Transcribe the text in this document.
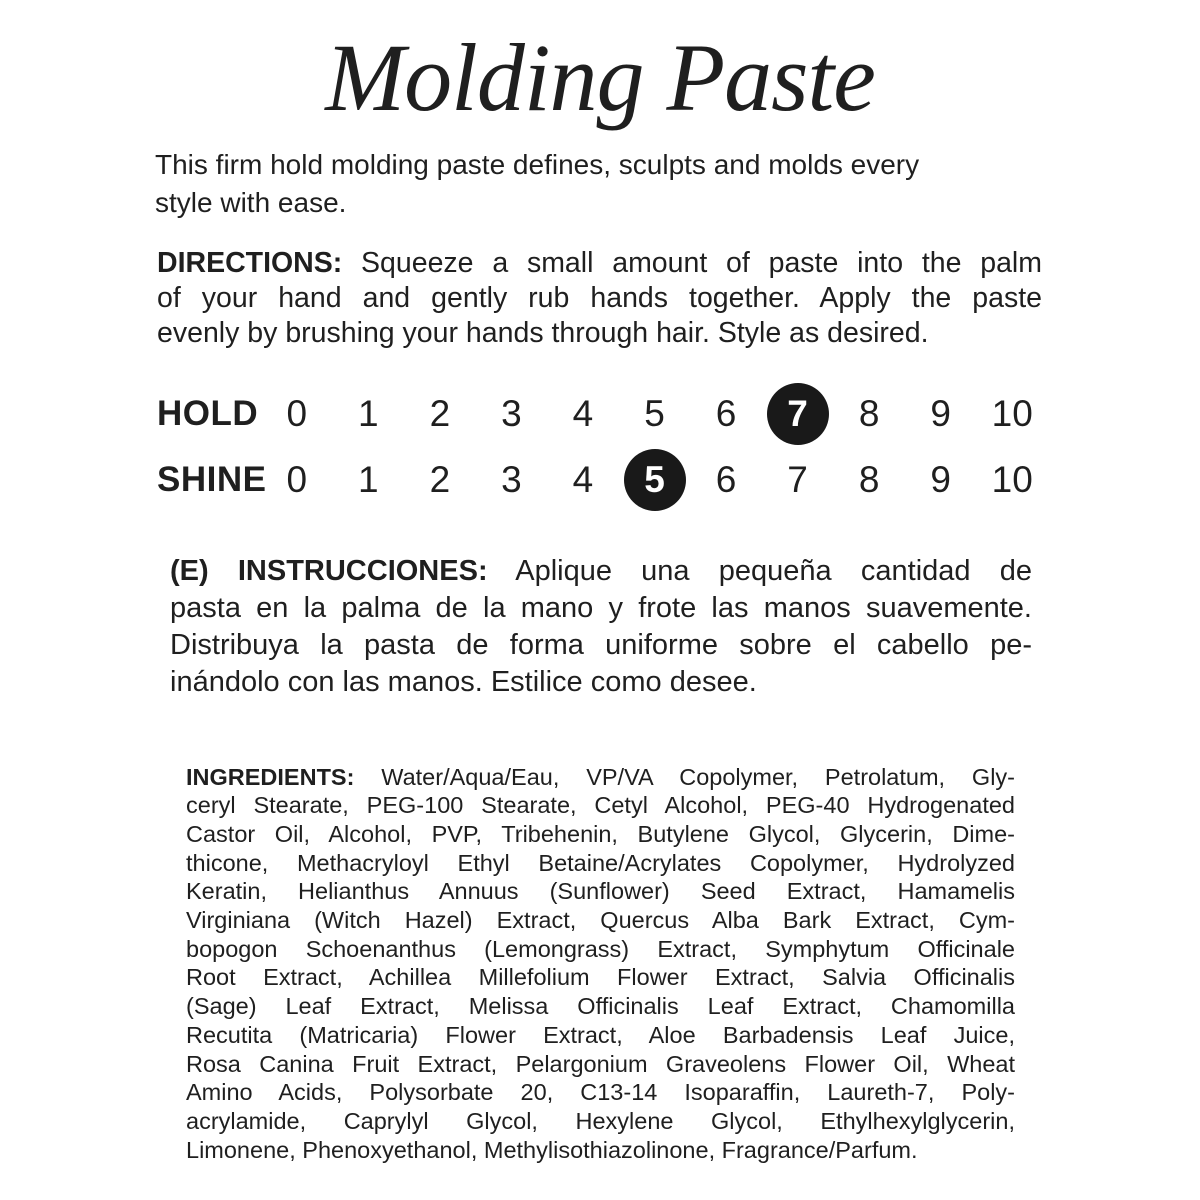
Molding Paste
This firm hold molding paste defines, sculpts and molds every
style with ease.
DIRECTIONS: Squeeze a small amount of paste into the palm
of your hand and gently rub hands together. Apply the paste
evenly by brushing your hands through hair. Style as desired.
HOLD 0	1	2	3	4	5	6	7	8	9	10
SHINE 0	1	2	3	4	5	6	7	8	9	10
(E) INSTRUCCIONES: Aplique una pequeña cantidad de
pasta en la palma de la mano y frote las manos suavemente.
Distribuya la pasta de forma uniforme sobre el cabello pe-
inándolo con las manos. Estilice como desee.
INGREDIENTS: Water/Aqua/Eau, VP/VA Copolymer, Petrolatum, Gly-
ceryl Stearate, PEG-100 Stearate, Cetyl Alcohol, PEG-40 Hydrogenated
Castor Oil, Alcohol, PVP, Tribehenin, Butylene Glycol, Glycerin, Dime-
thicone, Methacryloyl Ethyl Betaine/Acrylates Copolymer, Hydrolyzed
Keratin, Helianthus Annuus (Sunflower) Seed Extract, Hamamelis
Virginiana (Witch Hazel) Extract, Quercus Alba Bark Extract, Cym-
bopogon Schoenanthus (Lemongrass) Extract, Symphytum Officinale
Root Extract, Achillea Millefolium Flower Extract, Salvia Officinalis
(Sage) Leaf Extract, Melissa Officinalis Leaf Extract, Chamomilla
Recutita (Matricaria) Flower Extract, Aloe Barbadensis Leaf Juice,
Rosa Canina Fruit Extract, Pelargonium Graveolens Flower Oil, Wheat
Amino Acids, Polysorbate 20, C13-14 Isoparaffin, Laureth-7, Poly-
acrylamide, Caprylyl Glycol, Hexylene Glycol, Ethylhexylglycerin,
Limonene, Phenoxyethanol, Methylisothiazolinone, Fragrance/Parfum.
